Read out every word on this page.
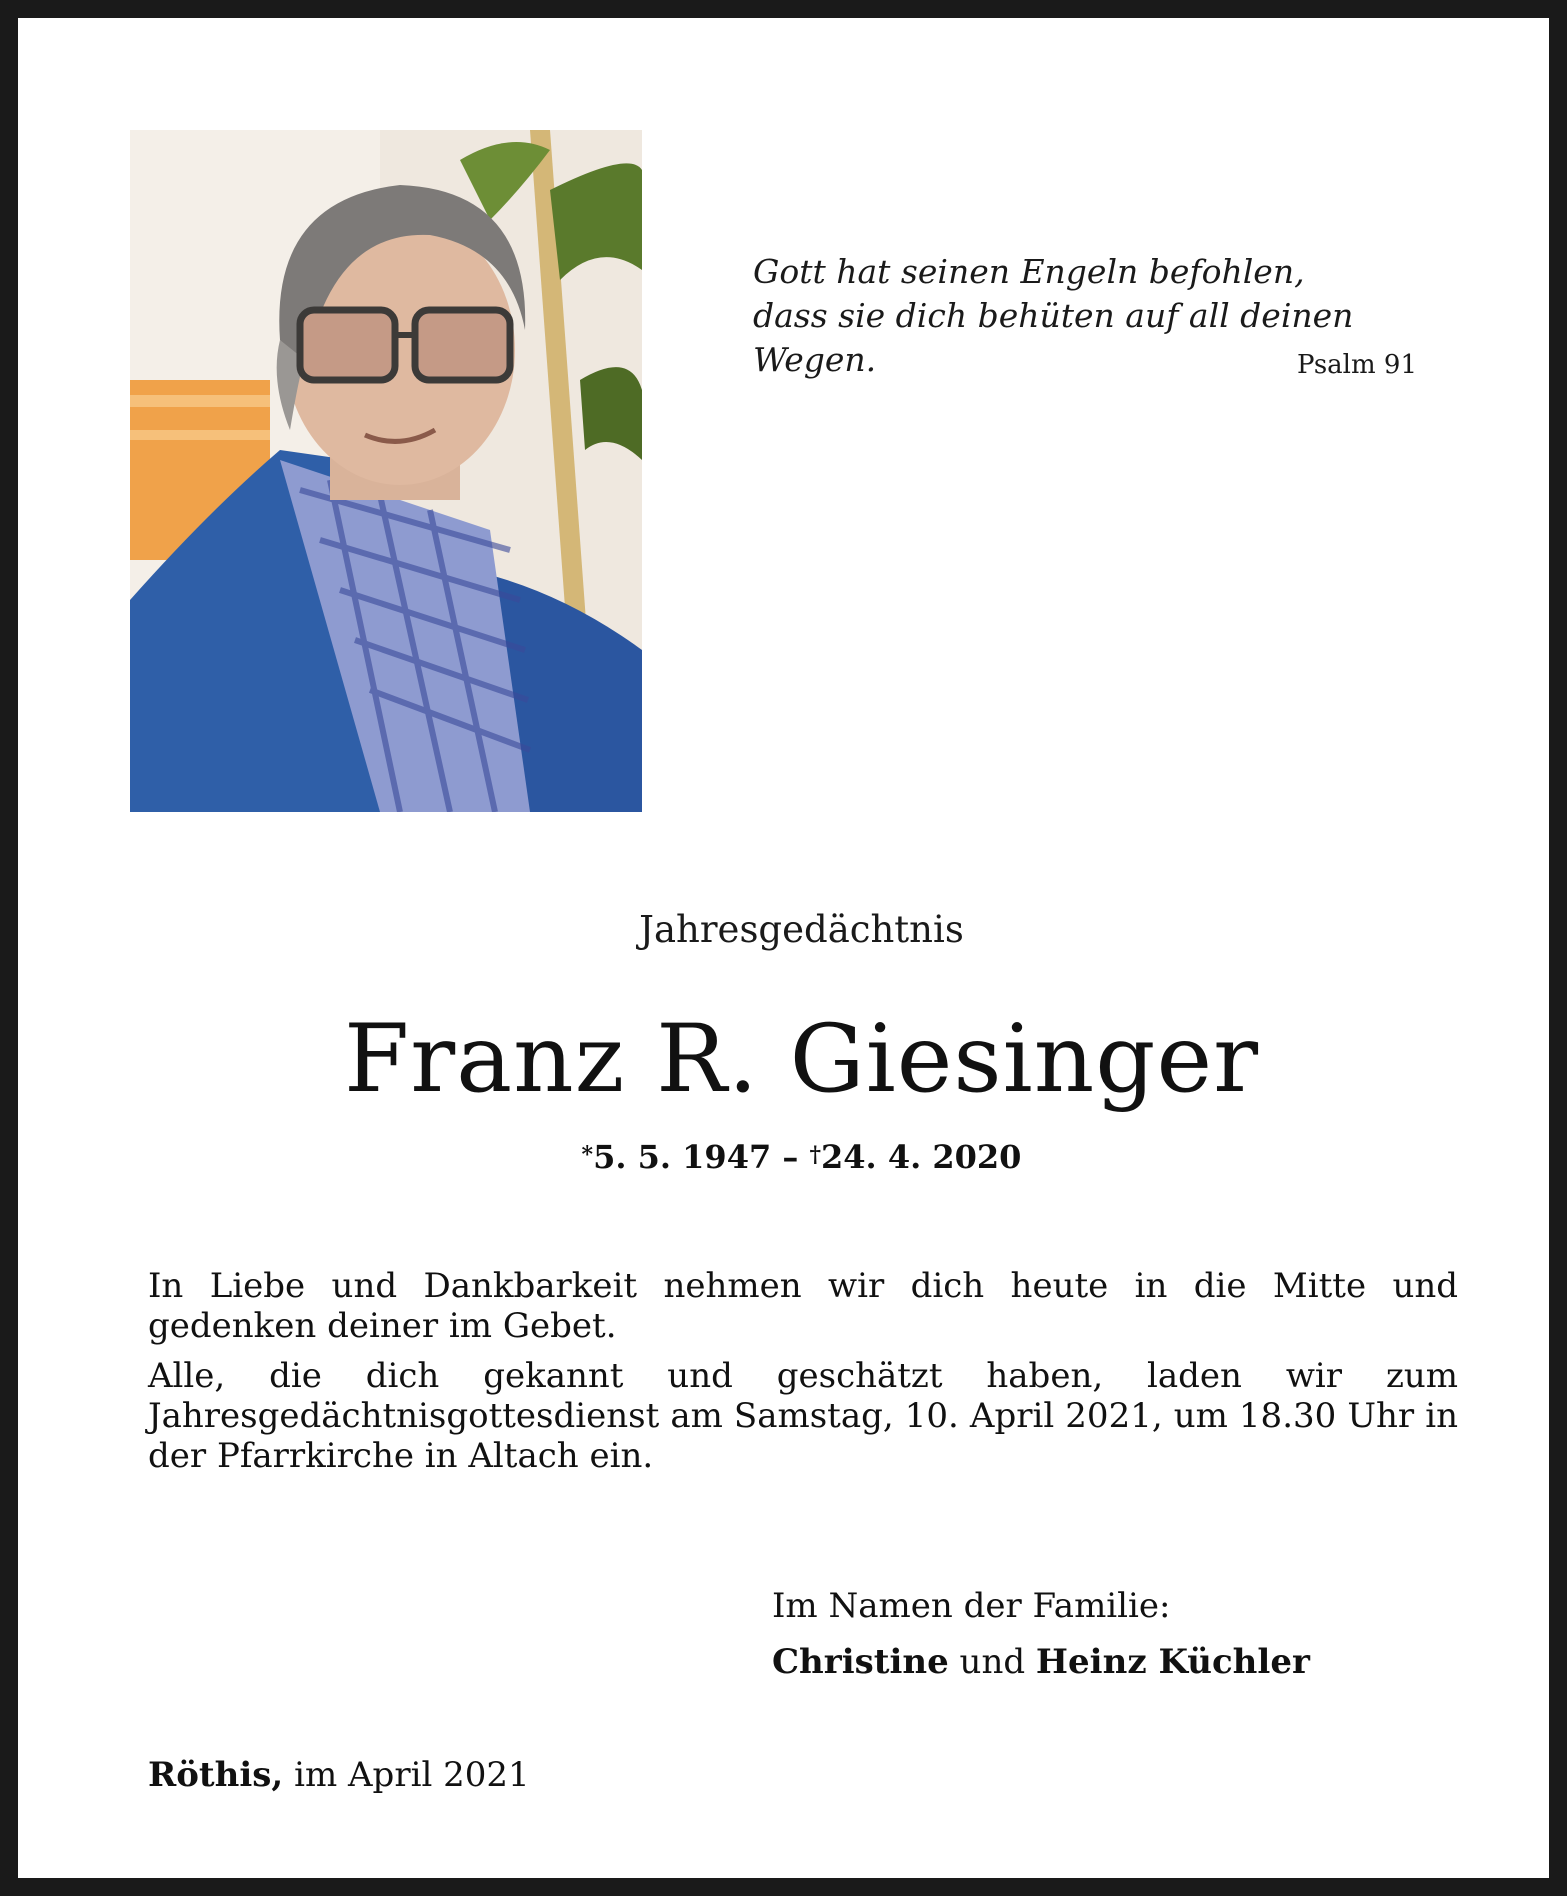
Gott hat seinen Engeln befohlen,
dass sie dich behüten auf all deinen Wegen.	Psalm 91
Jahresgedächtnis
Franz R. Giesinger
*5. 5. 1947 – †24. 4. 2020

In Liebe und Dankbarkeit nehmen wir dich heute in die Mitte und gedenken deiner im Gebet.

Alle, die dich gekannt und geschätzt haben, laden wir zum Jahresgedächtnisgottesdienst am Samstag, 10. April 2021, um 18.30 Uhr in der Pfarrkirche in Altach ein.

Im Namen der Familie:
Christine und Heinz Küchler
Röthis, im April 2021
